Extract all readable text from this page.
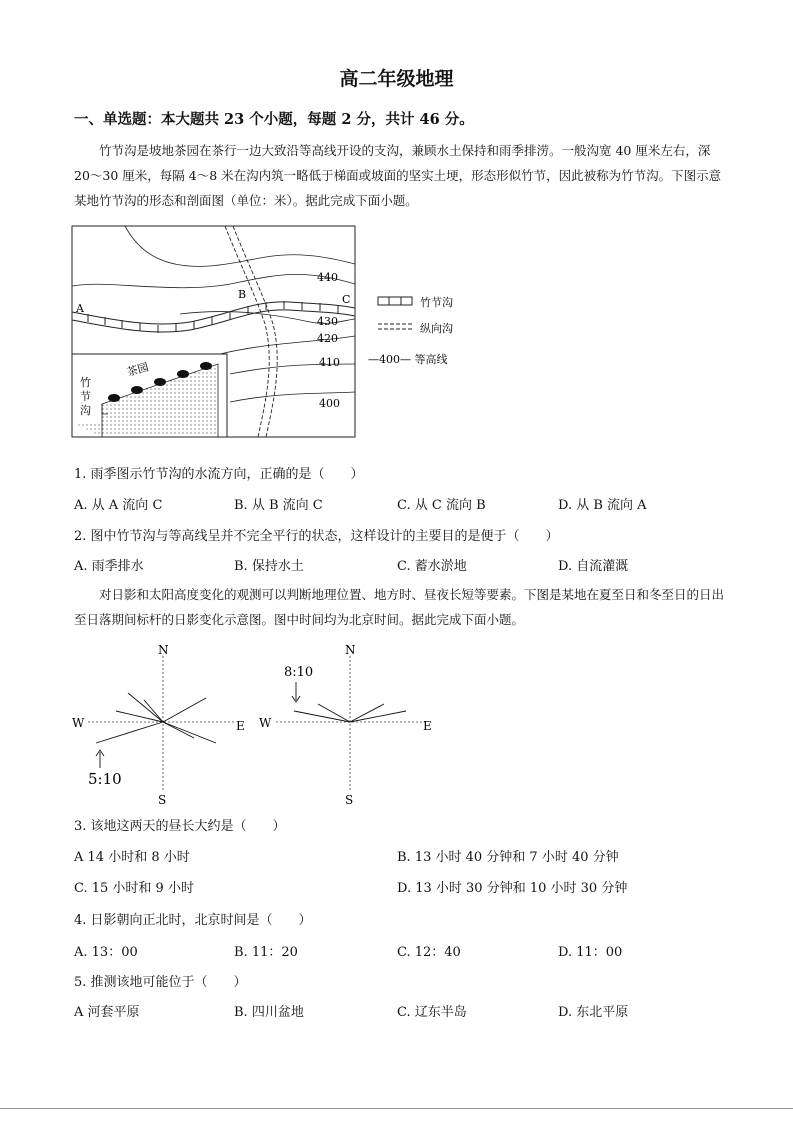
高二年级地理
一、单选题：本大题共 23 个小题，每题 2 分，共计 46 分。
竹节沟是坡地茶园在茶行一边大致沿等高线开设的支沟，兼顾水土保持和雨季排涝。一般沟宽 40 厘米左右，深 20～30 厘米，每隔 4～8 米在沟内筑一略低于梯面或坡面的坚实土埂，形态形似竹节，因此被称为竹节沟。下图示意某地竹节沟的形态和剖面图（单位：米）。据此完成下面小题。
440
430
420
410
400
A
B	C
竹
节
沟
茶园
竹节沟
纵向沟
—400— 等高线
1. 雨季图示竹节沟的水流方向，正确的是（　　）
A. 从 A 流向 C	B. 从 B 流向 C	C. 从 C 流向 B	D. 从 B 流向 A
2. 图中竹节沟与等高线呈并不完全平行的状态，这样设计的主要目的是便于（　　）
A. 雨季排水	B. 保持水土	C. 蓄水淤地	D. 自流灌溉
对日影和太阳高度变化的观测可以判断地理位置、地方时、昼夜长短等要素。下图是某地在夏至日和冬至日的日出至日落期间标杆的日影变化示意图。图中时间均为北京时间。据此完成下面小题。
N
S
W	E
5:10
N
S
W	E
8:10
3. 该地这两天的昼长大约是（　　）
A 14 小时和 8 小时	B. 13 小时 40 分钟和 7 小时 40 分钟
C. 15 小时和 9 小时	D. 13 小时 30 分钟和 10 小时 30 分钟
4. 日影朝向正北时，北京时间是（　　）
A. 13：00	B. 11：20	C. 12：40	D. 11：00
5. 推测该地可能位于（　　）
A 河套平原	B. 四川盆地	C. 辽东半岛	D. 东北平原
